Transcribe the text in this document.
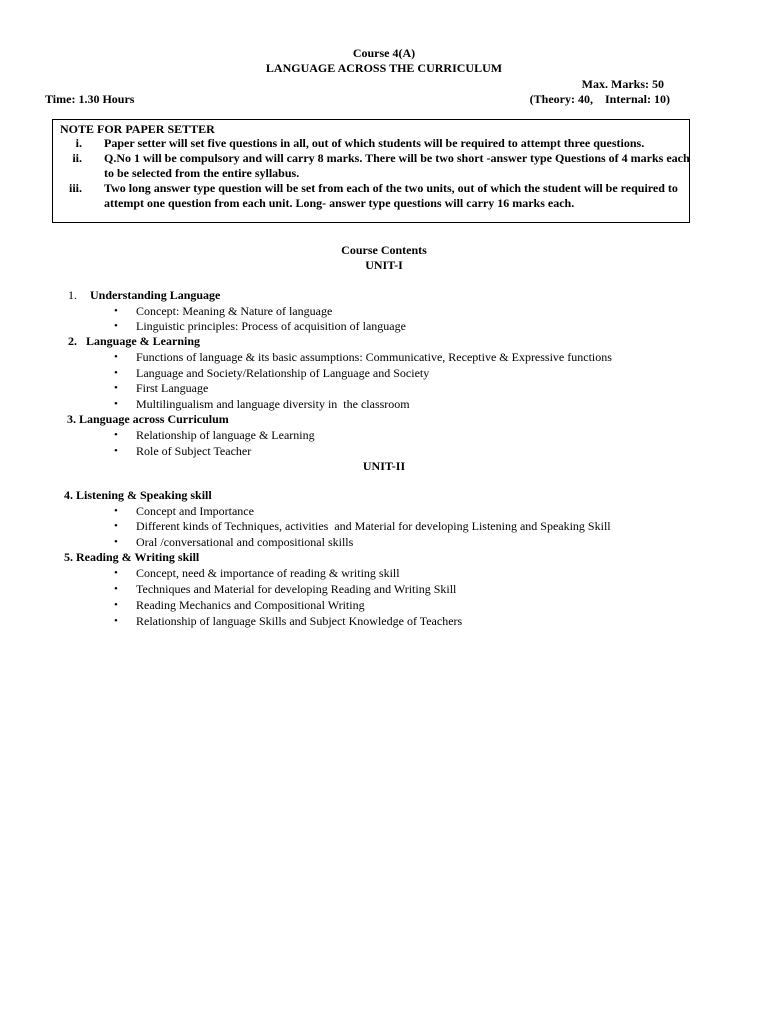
Course 4(A)
LANGUAGE ACROSS THE CURRICULUM
Max. Marks: 50
Time: 1.30 Hours	(Theory: 40,    Internal: 10)
NOTE FOR PAPER SETTER
i. Paper setter will set five questions in all, out of which students will be required to attempt three questions.
ii. Q.No 1 will be compulsory and will carry 8 marks. There will be two short -answer type Questions of 4 marks each to be selected from the entire syllabus.
iii. Two long answer type question will be set from each of the two units, out of which the student will be required to attempt one question from each unit. Long- answer type questions will carry 16 marks each.
Course Contents
UNIT-I
1. Understanding Language
• Concept: Meaning & Nature of language
• Linguistic principles: Process of acquisition of language
2.   Language & Learning
• Functions of language & its basic assumptions: Communicative, Receptive & Expressive functions
• Language and Society/Relationship of Language and Society
• First Language
• Multilingualism and language diversity in  the classroom
3. Language across Curriculum
• Relationship of language & Learning
• Role of Subject Teacher
UNIT-II
4. Listening & Speaking skill
• Concept and Importance
• Different kinds of Techniques, activities  and Material for developing Listening and Speaking Skill
• Oral /conversational and compositional skills
5. Reading & Writing skill
• Concept, need & importance of reading & writing skill
• Techniques and Material for developing Reading and Writing Skill
• Reading Mechanics and Compositional Writing
• Relationship of language Skills and Subject Knowledge of Teachers
